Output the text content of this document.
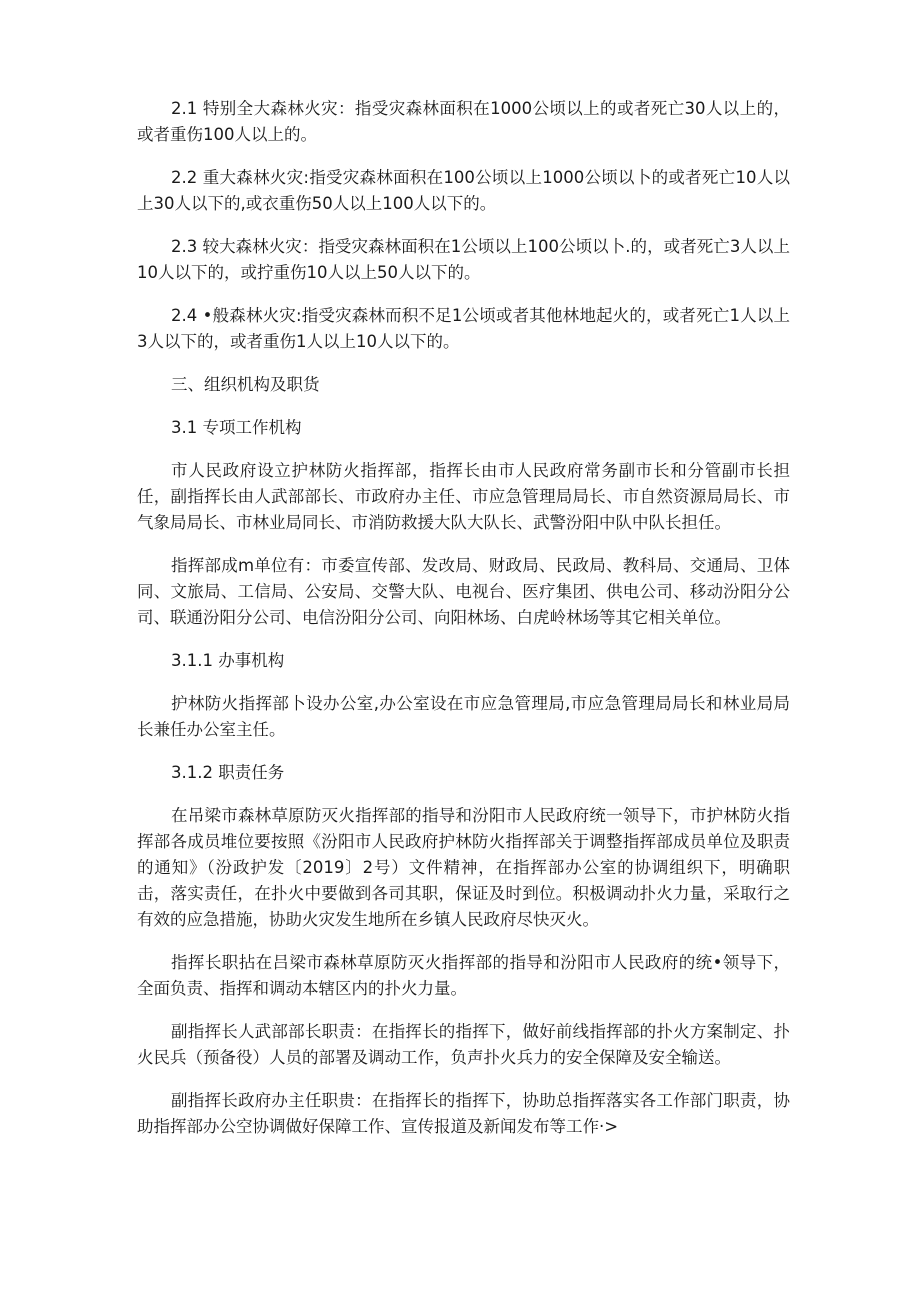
2.1 特别全大森林火灾：指受灾森林面积在1000公顷以上的或者死亡30人以上的，或者重伤100人以上的。

2.2 重大森林火灾:指受灾森林面积在100公顷以上1000公顷以卜的或者死亡10人以上30人以下的,或衣重伤50人以上100人以下的。

2.3 较大森林火灾：指受灾森林面积在1公顷以上100公顷以卜.的，或者死亡3人以上10人以下的，或拧重伤10人以上50人以下的。

2.4 •般森林火灾:指受灾森林而积不足1公顷或者其他林地起火的，或者死亡1人以上3人以下的，或者重伤1人以上10人以下的。

三、组织机构及职货

3.1 专项工作机构

市人民政府设立护林防火指挥部，指挥长由市人民政府常务副市长和分管副市长担任，副指挥长由人武部部长、市政府办主任、市应急管理局局长、市自然资源局局长、市气象局局长、市林业局同长、市消防救援大队大队长、武警汾阳中队中队长担任。

指挥部成m单位有：市委宣传部、发改局、财政局、民政局、教科局、交通局、卫体同、文旅局、工信局、公安局、交警大队、电视台、医疗集团、供电公司、移动汾阳分公司、联通汾阳分公司、电信汾阳分公司、向阳林场、白虎岭林场等其它相关单位。

3.1.1 办事机构

护林防火指挥部卜设办公室,办公室设在市应急管理局,市应急管理局局长和林业局局长兼任办公室主任。

3.1.2 职责任务

在吊梁市森林草原防灭火指挥部的指导和汾阳市人民政府统一领导下，市护林防火指挥部各成员堆位要按照《汾阳市人民政府护林防火指挥部关于调整指挥部成员单位及职责的通知》（汾政护发〔2019〕2号）文件精神，在指挥部办公室的协调组织下，明确职击，落实责任，在扑火中要做到各司其职，保证及时到位。积极调动扑火力量，采取行之有效的应急措施，协助火灾发生地所在乡镇人民政府尽快灭火。

指挥长职拈在吕梁市森林草原防灭火指挥部的指导和汾阳市人民政府的统•领导下，全面负责、指挥和调动本辖区内的扑火力量。

副指挥长人武部部长职责：在指挥长的指挥下，做好前线指挥部的扑火方案制定、扑火民兵（预备役）人员的部署及调动工作，负声扑火兵力的安全保障及安全输送。

副指挥长政府办主任职贵：在指挥长的指挥下，协助总指挥落实各工作部门职责，协助指挥部办公空协调做好保障工作、宣传报道及新闻发布等工作·>
